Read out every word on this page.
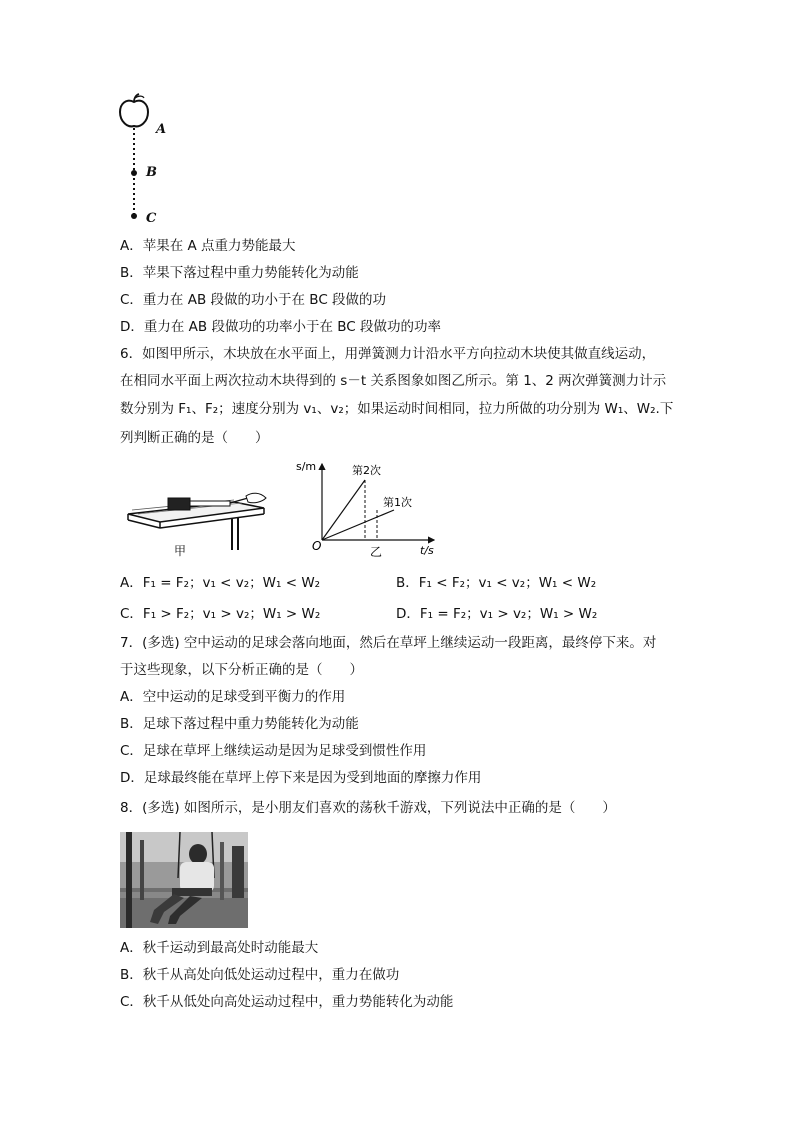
A
B
C
A．苹果在 A 点重力势能最大
B．苹果下落过程中重力势能转化为动能
C．重力在 AB 段做的功小于在 BC 段做的功
D．重力在 AB 段做功的功率小于在 BC 段做功的功率
6．如图甲所示，木块放在水平面上，用弹簧测力计沿水平方向拉动木块使其做直线运动，
在相同水平面上两次拉动木块得到的 s－t 关系图象如图乙所示。第 1、2 两次弹簧测力计示
数分别为 F₁、F₂；速度分别为 v₁、v₂；如果运动时间相同，拉力所做的功分别为 W₁、W₂.下
列判断正确的是（　　）
甲
s/m
t/s
O
第2次
第1次
乙
A．F₁ = F₂；v₁ < v₂；W₁ < W₂	B．F₁ < F₂；v₁ < v₂；W₁ < W₂
C．F₁ > F₂；v₁ > v₂；W₁ > W₂	D．F₁ = F₂；v₁ > v₂；W₁ > W₂
7．(多选) 空中运动的足球会落向地面，然后在草坪上继续运动一段距离，最终停下来。对
于这些现象，以下分析正确的是（　　）
A．空中运动的足球受到平衡力的作用
B．足球下落过程中重力势能转化为动能
C．足球在草坪上继续运动是因为足球受到惯性作用
D．足球最终能在草坪上停下来是因为受到地面的摩擦力作用
8．(多选) 如图所示，是小朋友们喜欢的荡秋千游戏，下列说法中正确的是（　　）
A．秋千运动到最高处时动能最大
B．秋千从高处向低处运动过程中，重力在做功
C．秋千从低处向高处运动过程中，重力势能转化为动能
